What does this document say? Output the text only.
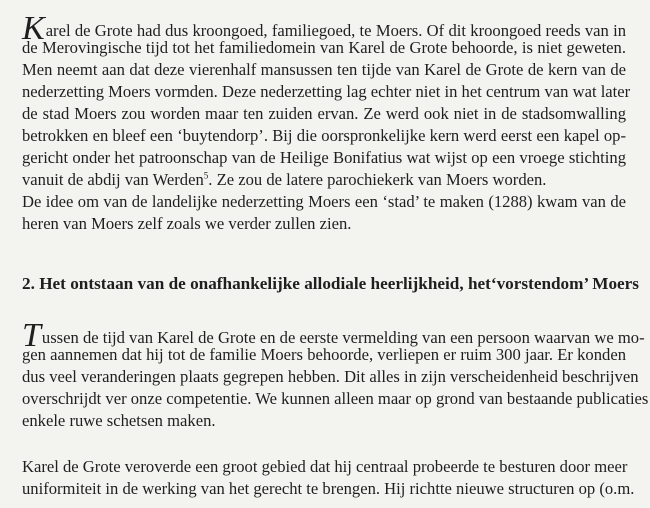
Karel de Grote had dus kroongoed, familiegoed, te Moers. Of dit kroongoed reeds van in
de Merovingische tijd tot het familiedomein van Karel de Grote behoorde, is niet geweten.
Men neemt aan dat deze vierenhalf mansussen ten tijde van Karel de Grote de kern van de
nederzetting Moers vormden. Deze nederzetting lag echter niet in het centrum van wat later
de stad Moers zou worden maar ten zuiden ervan. Ze werd ook niet in de stadsomwalling
betrokken en bleef een ‘buytendorp’. Bij die oorspronkelijke kern werd eerst een kapel op-
gericht onder het patroonschap van de Heilige Bonifatius wat wijst op een vroege stichting
vanuit de abdij van Werden$^5$. Ze zou de latere parochiekerk van Moers worden.
De idee om van de landelijke nederzetting Moers een ‘stad’ te maken (1288) kwam van de
heren van Moers zelf zoals we verder zullen zien.
2. Het ontstaan van de onafhankelijke allodiale heerlijkheid, het‘vorstendom’ Moers
Tussen de tijd van Karel de Grote en de eerste vermelding van een persoon waarvan we mo-
gen aannemen dat hij tot de familie Moers behoorde, verliepen er ruim 300 jaar. Er konden
dus veel veranderingen plaats gegrepen hebben. Dit alles in zijn verscheidenheid beschrijven
overschrijdt ver onze competentie. We kunnen alleen maar op grond van bestaande publicaties
enkele ruwe schetsen maken.
Karel de Grote veroverde een groot gebied dat hij centraal probeerde te besturen door meer
uniformiteit in de werking van het gerecht te brengen. Hij richtte nieuwe structuren op (o.m.
